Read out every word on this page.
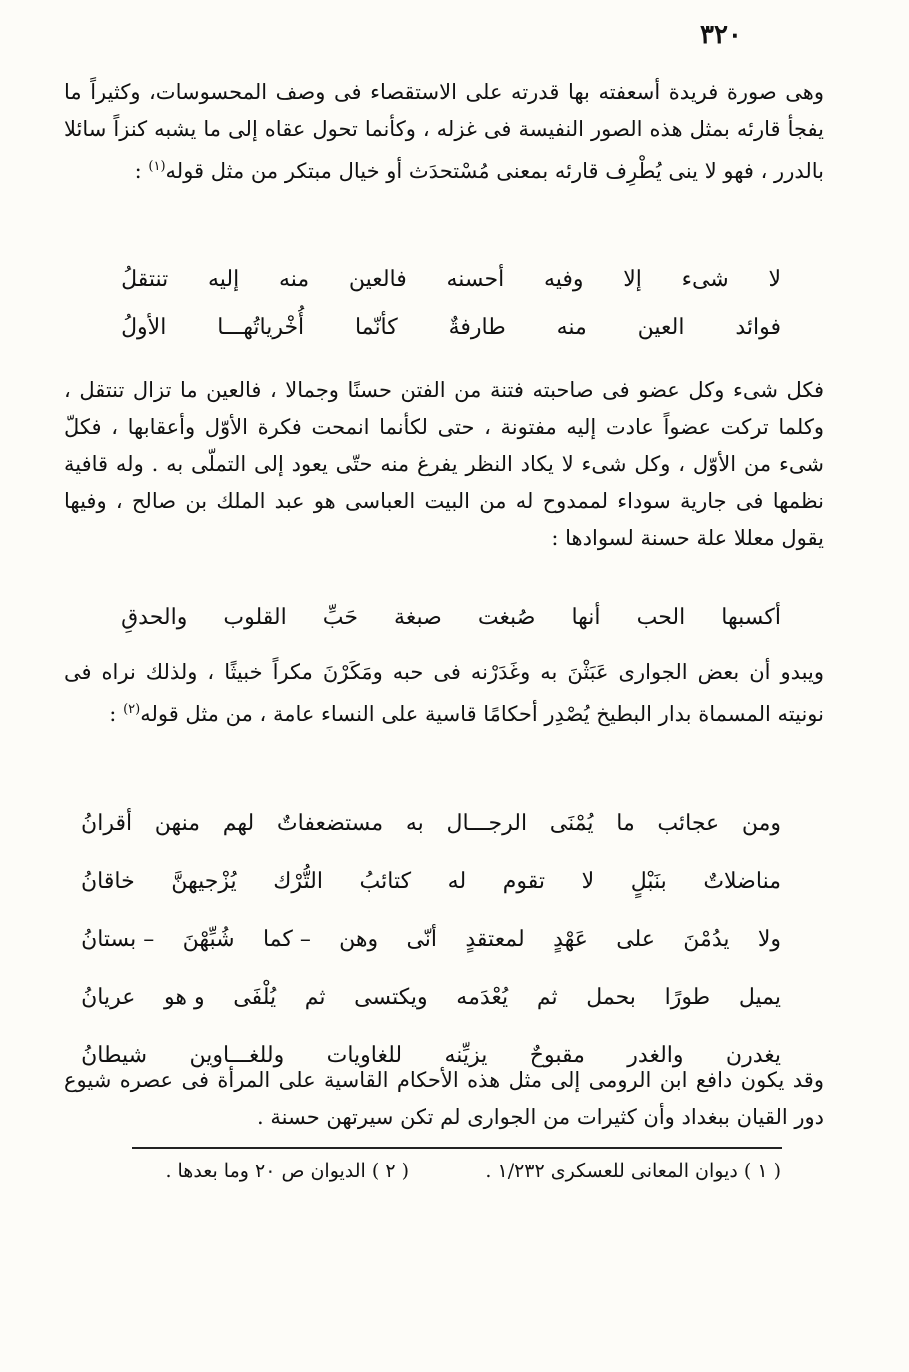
٣٢٠
وهى صورة فريدة أسعفته بها قدرته على الاستقصاء فى وصف المحسوسات، وكثيراً ما يفجأ قارئه بمثل هذه الصور النفيسة فى غزله ، وكأنما تحول عقاه إلى ما يشبه كنزاً سائلا بالدرر ، فهو لا ينى يُطْرِف قارئه بمعنى مُسْتحدَث أو خيال مبتكر من مثل قوله$^{(١)}$ :
لا
شىء
إلا
وفيه
أحسنه
فالعين
منه
إليه
تنتقلُ
فوائد
العين
منه
طارفةٌ
كأنّما
أُخْرياتُهـــا
الأولُ
فكل شىء وكل عضو فى صاحبته فتنة من الفتن حسنًا وجمالا ، فالعين ما تزال تنتقل ، وكلما تركت عضواً عادت إليه مفتونة ، حتى لكأنما انمحت فكرة الأوّل وأعقابها ، فكلّ شىء من الأوّل ، وكل شىء لا يكاد النظر يفرغ منه حتّى يعود إلى التملّى به . وله قافية نظمها فى جارية سوداء لممدوح له من البيت العباسى هو عبد الملك بن صالح ، وفيها يقول معللا علة حسنة لسوادها :
أكسبها
الحب
أنها
صُبغت
صبغة
حَبِّ
القلوب
والحدقِ
ويبدو أن بعض الجوارى عَبَثْنَ به وغَدَرْنه فى حبه ومَكَرْنَ مكراً خبيثًا ، ولذلك نراه فى نونيته المسماة بدار البطيخ يُصْدِر أحكامًا قاسية على النساء عامة ، من مثل قوله$^{(٢)}$ :
ومن
عجائب
ما
يُمْنَى
الرجـــال
به
مستضعفاتٌ
لهم
منهن
أقرانُ
مناضلاتٌ
بنَبْلٍ
لا
تقوم
له
كتائبُ
التُّرْك
يُزْجيهنَّ
خاقانُ
ولا
يدُمْنَ
على
عَهْدٍ
لمعتقدٍ
أنّى
وهن
– كما
شُبِّهْنَ
– بستانُ
يميل
طورًا
بحمل
ثم
يُعْدَمه
ويكتسى
ثم
يُلْفَى
و هو
عريانُ
يغدرن
والغدر
مقبوحٌ
يزيِّنه
للغاويات
وللغـــاوين
شيطانُ
وقد يكون دافع ابن الرومى إلى مثل هذه الأحكام القاسية على المرأة فى عصره شيوع دور القيان ببغداد وأن كثيرات من الجوارى لم تكن سيرتهن حسنة .
( ١ ) ديوان المعانى للعسكرى ١/٢٣٢ .
( ٢ ) الديوان ص ٢٠ وما بعدها .
